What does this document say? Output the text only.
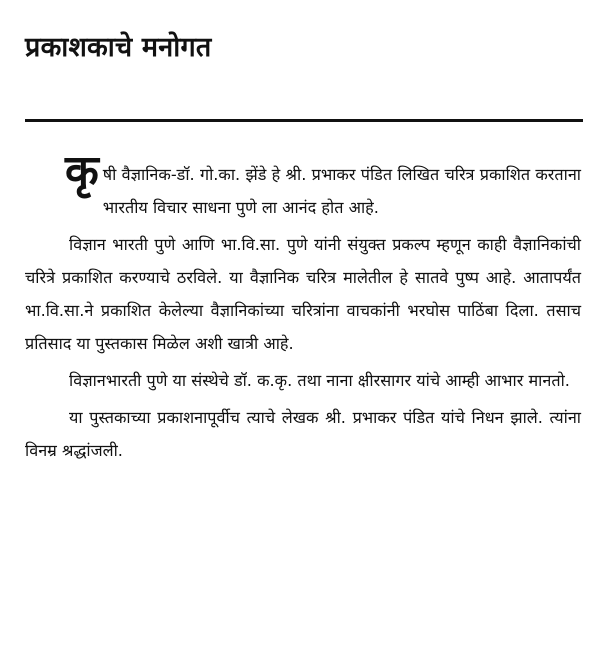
प्रकाशकाचे मनोगत

कृ षी वैज्ञानिक-डॉ. गो.का. झेंडे हे श्री. प्रभाकर पंडित लिखित चरित्र प्रकाशित करताना भारतीय विचार साधना पुणे ला आनंद होत आहे.

विज्ञान भारती पुणे आणि भा.वि.सा. पुणे यांनी संयुक्त प्रकल्प म्हणून काही वैज्ञानिकांची चरित्रे प्रकाशित करण्याचे ठरविले. या वैज्ञानिक चरित्र मालेतील हे सातवे पुष्प आहे. आतापर्यंत भा.वि.सा.ने प्रकाशित केलेल्या वैज्ञानिकांच्या चरित्रांना वाचकांनी भरघोस पाठिंबा दिला. तसाच प्रतिसाद या पुस्तकास मिळेल अशी खात्री आहे.

विज्ञानभारती पुणे या संस्थेचे डॉ. क.कृ. तथा नाना क्षीरसागर यांचे आम्ही आभार मानतो.

या पुस्तकाच्या प्रकाशनापूर्वीच त्याचे लेखक श्री. प्रभाकर पंडित यांचे निधन झाले. त्यांना विनम्र श्रद्धांजली.
